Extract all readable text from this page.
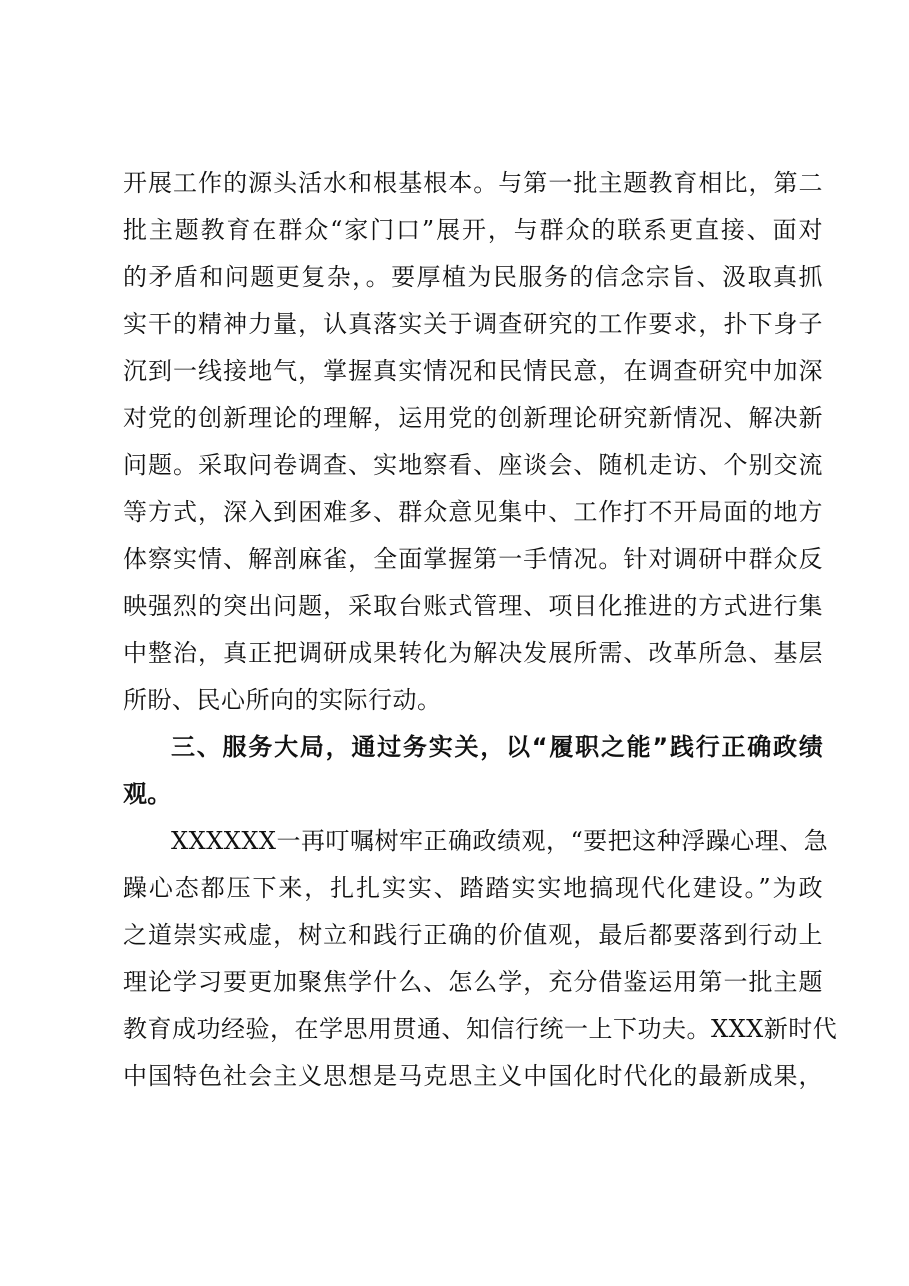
开展工作的源头活水和根基根本。与第一批主题教育相比，第二
批主题教育在群众“家门口”展开，与群众的联系更直接、面对
的矛盾和问题更复杂，。要厚植为民服务的信念宗旨、汲取真抓
实干的精神力量，认真落实关于调查研究的工作要求，扑下身子
沉到一线接地气，掌握真实情况和民情民意，在调查研究中加深
对党的创新理论的理解，运用党的创新理论研究新情况、解决新
问题。采取问卷调查、实地察看、座谈会、随机走访、个别交流
等方式，深入到困难多、群众意见集中、工作打不开局面的地方
体察实情、解剖麻雀，全面掌握第一手情况。针对调研中群众反
映强烈的突出问题，采取台账式管理、项目化推进的方式进行集
中整治，真正把调研成果转化为解决发展所需、改革所急、基层
所盼、民心所向的实际行动。
三、服务大局，通过务实关，以“履职之能”践行正确政绩
观。
XXXXXX一再叮嘱树牢正确政绩观，“要把这种浮躁心理、急
躁心态都压下来，扎扎实实、踏踏实实地搞现代化建设。”为政
之道崇实戒虚，树立和践行正确的价值观，最后都要落到行动上
理论学习要更加聚焦学什么、怎么学，充分借鉴运用第一批主题
教育成功经验，在学思用贯通、知信行统一上下功夫。XXX新时代
中国特色社会主义思想是马克思主义中国化时代化的最新成果，
